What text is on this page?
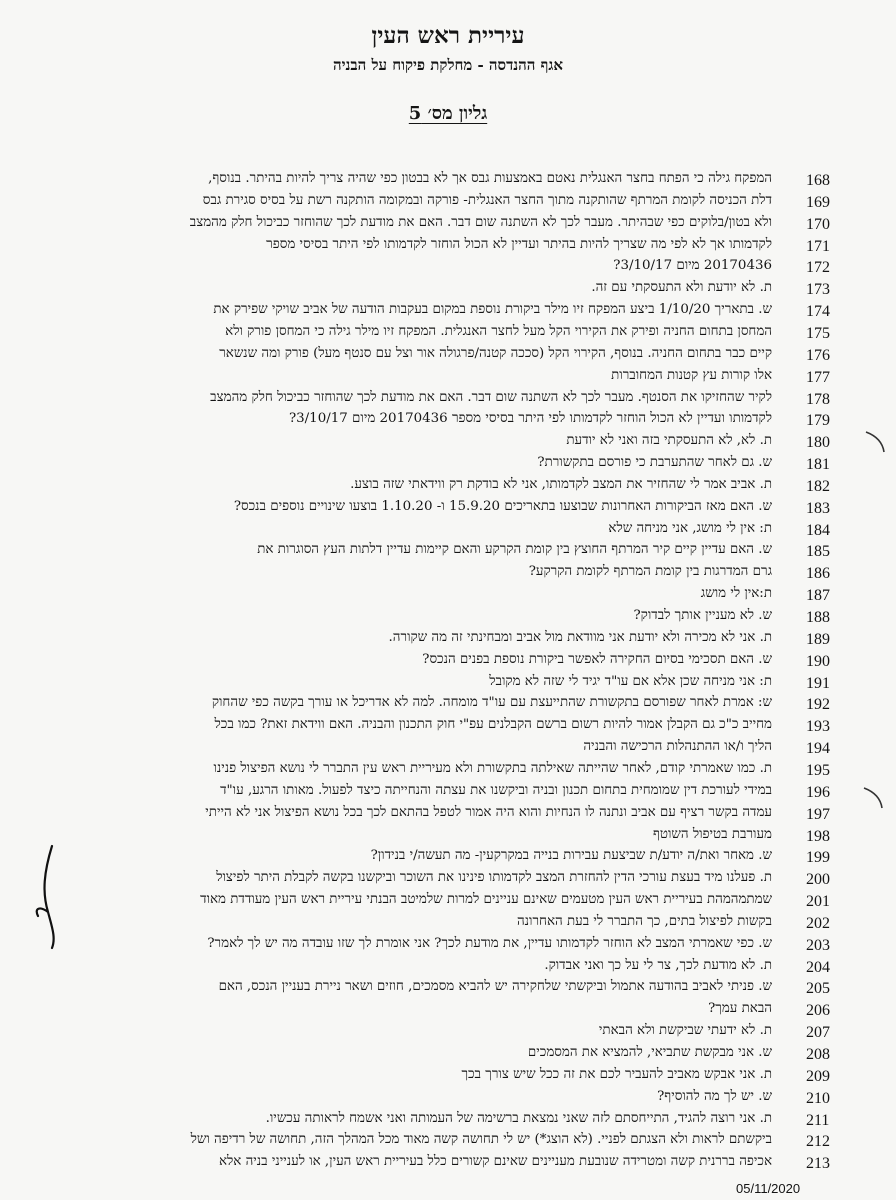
עיריית ראש העין
אגף ההנדסה - מחלקת פיקוח על הבניה
גליון מס׳ 5
168
המפקח גילה כי הפתח בחצר האנגלית נאטם באמצעות גבס אך לא בבטון כפי שהיה צריך להיות בהיתר. בנוסף,
169
דלת הכניסה לקומת המרתף שהותקנה מתוך החצר האנגלית- פורקה ובמקומה הותקנה רשת על בסיס סגירת גבס
170
ולא בטון/בלוקים כפי שבהיתר. מעבר לכך לא השתנה שום דבר. האם את מודעת לכך שהוחזר כביכול חלק מהמצב
171
לקדמותו אך לא לפי מה שצריך להיות בהיתר ועדיין לא הכול הוחזר לקדמותו לפי היתר בסיסי מספר
172
20170436 מיום 3/10/17?
173
ת. לא יודעת ולא התעסקתי עם זה.
174
ש. בתאריך 1/10/20 ביצע המפקח זיו מילר ביקורת נוספת במקום בעקבות הודעה של אביב שויקי שפירק את
175
המחסן בתחום החניה ופירק את הקירוי הקל מעל לחצר האנגלית. המפקח זיו מילר גילה כי המחסן פורק ולא
176
קיים כבר בתחום החניה. בנוסף, הקירוי הקל (סככה קטנה/פרגולה אור וצל עם סנטף מעל) פורק ומה שנשאר
177
אלו קורות עץ קטנות המחוברות
178
לקיר שהחזיקו את הסנטף. מעבר לכך לא השתנה שום דבר. האם את מודעת לכך שהוחזר כביכול חלק מהמצב
179
לקדמותו ועדיין לא הכול הוחזר לקדמותו לפי היתר בסיסי מספר 20170436 מיום 3/10/17?
180
ת. לא, לא התעסקתי בזה ואני לא יודעת
181
ש. גם לאחר שהתערבת כי פורסם בתקשורת?
182
ת. אביב אמר לי שהחזיר את המצב לקדמותו, אני לא בודקת רק ווידאתי שזה בוצע.
183
ש. האם מאז הביקורות האחרונות שבוצעו בתאריכים 15.9.20 ו- 1.10.20 בוצעו שינויים נוספים בנכס?
184
ת: אין לי מושג, אני מניחה שלא
185
ש. האם עדיין קיים קיר המרתף החוצץ בין קומת הקרקע והאם קיימות עדיין דלתות העץ הסוגרות את
186
גרם המדרגות בין קומת המרתף לקומת הקרקע?
187
ת:אין לי מושג
188
ש. לא מעניין אותך לבדוק?
189
ת. אני לא מכירה ולא יודעת אני מוודאת מול אביב ומבחינתי זה מה שקורה.
190
ש. האם תסכימי בסיום החקירה לאפשר ביקורת נוספת בפנים הנכס?
191
ת: אני מניחה שכן אלא אם עו"ד יגיד לי שזה לא מקובל
192
ש: אמרת לאחר שפורסם בתקשורת שהתייעצת עם עו"ד מומחה. למה לא אדריכל או עורך בקשה כפי שהחוק
193
מחייב כ"כ גם הקבלן אמור להיות רשום ברשם הקבלנים עפ"י חוק התכנון והבניה. האם ווידאת זאת? כמו בכל
194
הליך ו/או ההתנהלות הרכישה והבניה
195
ת. כמו שאמרתי קודם, לאחר שהייתה שאילתה בתקשורת ולא מעיריית ראש עין התברר לי נושא הפיצול פנינו
196
במידי לעורכת דין שמומחית בתחום תכנון ובניה וביקשנו את עצתה והנחייתה כיצד לפעול. מאותו הרגע, עו"ד
197
עמדה בקשר רציף עם אביב ונתנה לו הנחיות והוא היה אמור לטפל בהתאם לכך בכל נושא הפיצול אני לא הייתי
198
מעורבת בטיפול השוטף
199
ש. מאחר ואת/ה יודע/ת שביצעת עבירות בנייה במקרקעין- מה תעשה/י בנידון?
200
ת. פעלנו מיד בעצת עורכי הדין להחזרת המצב לקדמותו פינינו את השוכר וביקשנו בקשה לקבלת היתר לפיצול
201
שמתמהמהת בעיריית ראש העין מטעמים שאינם עניינים למרות שלמיטב הבנתי עיריית ראש העין מעודדת מאוד
202
בקשות לפיצול בתים, כך התברר לי בעת האחרונה
203
ש. כפי שאמרתי המצב לא הוחזר לקדמותו עדיין, את מודעת לכך? אני אומרת לך שזו עובדה מה יש לך לאמר?
204
ת. לא מודעת לכך, צר לי על כך ואני אבדוק.
205
ש. פניתי לאביב בהודעה אתמול וביקשתי שלחקירה יש להביא מסמכים, חוזים ושאר ניירת בעניין הנכס, האם
206
הבאת עמך?
207
ת. לא ידעתי שביקשת ולא הבאתי
208
ש. אני מבקשת שתביאי, להמציא את המסמכים
209
ת. אני אבקש מאביב להעביר לכם את זה ככל שיש צורך בכך
210
ש. יש לך מה להוסיף?
211
ת. אני רוצה להגיד, התייחסתם לזה שאני נמצאת ברשימה של העמותה ואני אשמח לראותה עכשיו.
212
ביקשתם לראות ולא הצגתם לפניי. (לא הוצג*) יש לי תחושה קשה מאוד מכל המהלך הזה, תחושה של רדיפה ושל
213
אכיפה בררנית קשה ומטרידה שנובעת מעניינים שאינם קשורים כלל בעיריית ראש העין, או לענייני בניה אלא
05/11/2020
